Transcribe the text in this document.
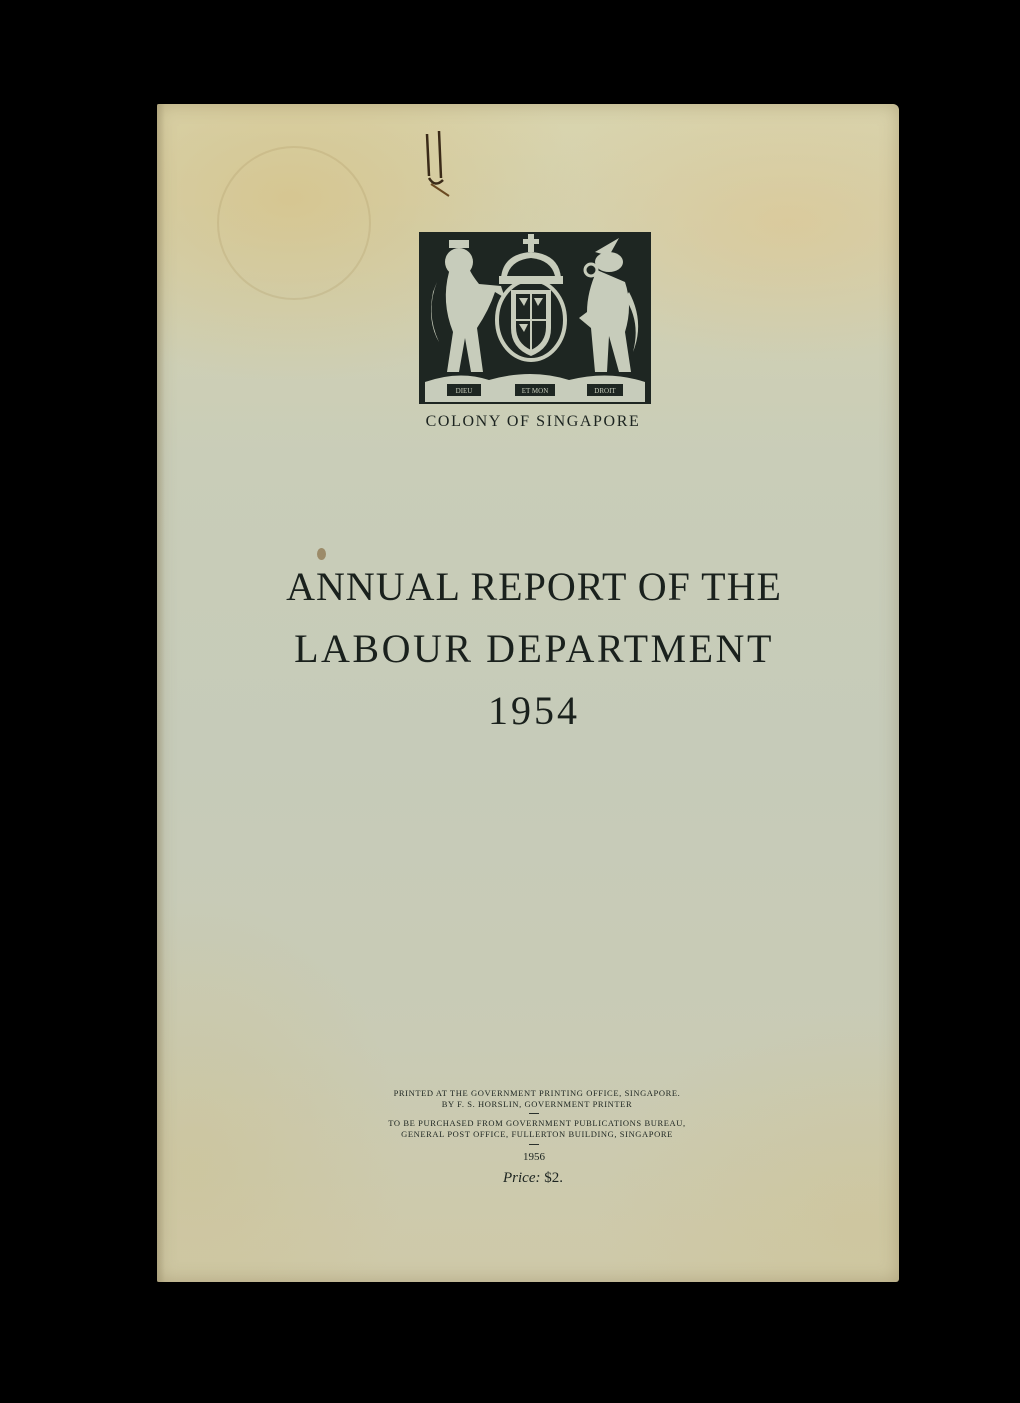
DIEU	ET MON	DROIT
COLONY OF SINGAPORE
ANNUAL REPORT OF THE
LABOUR DEPARTMENT
1954
PRINTED AT THE GOVERNMENT PRINTING OFFICE, SINGAPORE.
BY F. S. HORSLIN, GOVERNMENT PRINTER
TO BE PURCHASED FROM GOVERNMENT PUBLICATIONS BUREAU,
GENERAL POST OFFICE, FULLERTON BUILDING, SINGAPORE
1956
Price: $2.
